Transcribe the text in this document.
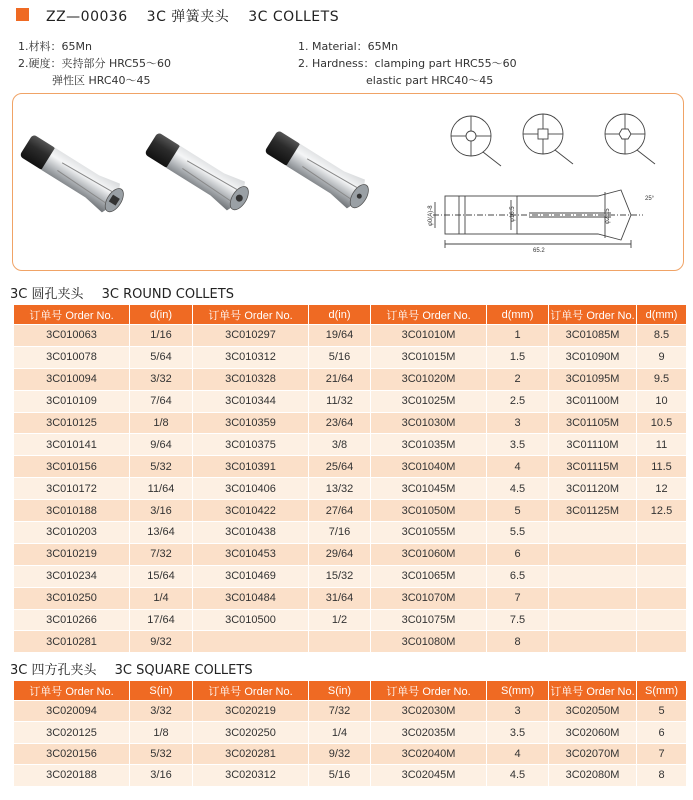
ZZ—00036 3C 弹簧夹头 3C COLLETS
1.材料：65Mn
2.硬度：夹持部分 HRC55～60
弹性区 HRC40～45
1. Material：65Mn
2. Hardness：clamping part HRC55～60
elastic part HRC40～45
65.2
25°
φ21.5
φ16.5
φ0(A)-8
3C 圆孔夹头 3C ROUND COLLETS
订单号 Order No.	d(in)	订单号 Order No.	d(in)	订单号 Order No.	d(mm)	订单号 Order No.	d(mm)
3C010063	1/16	3C010297	19/64	3C01010M	1	3C01085M	8.5
3C010078	5/64	3C010312	5/16	3C01015M	1.5	3C01090M	9
3C010094	3/32	3C010328	21/64	3C01020M	2	3C01095M	9.5
3C010109	7/64	3C010344	11/32	3C01025M	2.5	3C01100M	10
3C010125	1/8	3C010359	23/64	3C01030M	3	3C01105M	10.5
3C010141	9/64	3C010375	3/8	3C01035M	3.5	3C01110M	11
3C010156	5/32	3C010391	25/64	3C01040M	4	3C01115M	11.5
3C010172	11/64	3C010406	13/32	3C01045M	4.5	3C01120M	12
3C010188	3/16	3C010422	27/64	3C01050M	5	3C01125M	12.5
3C010203	13/64	3C010438	7/16	3C01055M	5.5		
3C010219	7/32	3C010453	29/64	3C01060M	6		
3C010234	15/64	3C010469	15/32	3C01065M	6.5		
3C010250	1/4	3C010484	31/64	3C01070M	7		
3C010266	17/64	3C010500	1/2	3C01075M	7.5		
3C010281	9/32			3C01080M	8		
3C 四方孔夹头 3C SQUARE COLLETS
订单号 Order No.	S(in)	订单号 Order No.	S(in)	订单号 Order No.	S(mm)	订单号 Order No.	S(mm)
3C020094	3/32	3C020219	7/32	3C02030M	3	3C02050M	5
3C020125	1/8	3C020250	1/4	3C02035M	3.5	3C02060M	6
3C020156	5/32	3C020281	9/32	3C02040M	4	3C02070M	7
3C020188	3/16	3C020312	5/16	3C02045M	4.5	3C02080M	8
